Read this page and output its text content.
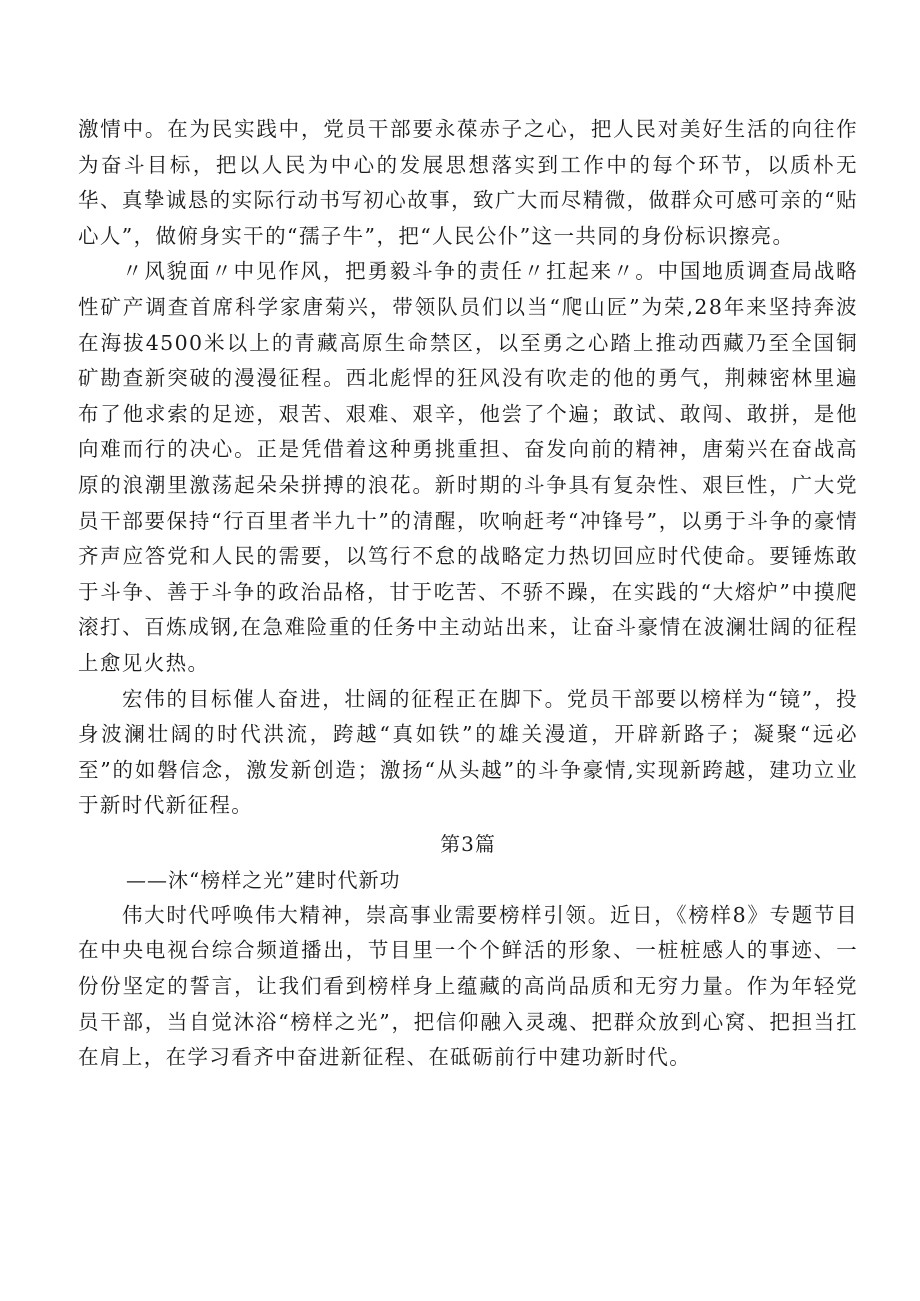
激情中。在为民实践中，党员干部要永葆赤子之心，把人民对美好生活的向往作为奋斗目标，把以人民为中心的发展思想落实到工作中的每个环节，以质朴无华、真挚诚恳的实际行动书写初心故事，致广大而尽精微，做群众可感可亲的“贴心人”，做俯身实干的“孺子牛”，把“人民公仆”这一共同的身份标识擦亮。

〃风貌面〃中见作风，把勇毅斗争的责任〃扛起来〃。中国地质调查局战略性矿产调查首席科学家唐菊兴，带领队员们以当“爬山匠”为荣,28年来坚持奔波在海拔4500米以上的青藏高原生命禁区，以至勇之心踏上推动西藏乃至全国铜矿勘查新突破的漫漫征程。西北彪悍的狂风没有吹走的他的勇气，荆棘密林里遍布了他求索的足迹，艰苦、艰难、艰辛，他尝了个遍；敢试、敢闯、敢拼，是他向难而行的决心。正是凭借着这种勇挑重担、奋发向前的精神，唐菊兴在奋战高原的浪潮里激荡起朵朵拼搏的浪花。新时期的斗争具有复杂性、艰巨性，广大党员干部要保持“行百里者半九十”的清醒，吹响赶考“冲锋号”，以勇于斗争的豪情齐声应答党和人民的需要，以笃行不怠的战略定力热切回应时代使命。要锤炼敢于斗争、善于斗争的政治品格，甘于吃苦、不骄不躁，在实践的“大熔炉”中摸爬滚打、百炼成钢,在急难险重的任务中主动站出来，让奋斗豪情在波澜壮阔的征程上愈见火热。

宏伟的目标催人奋进，壮阔的征程正在脚下。党员干部要以榜样为“镜”，投身波澜壮阔的时代洪流，跨越“真如铁”的雄关漫道，开辟新路子；凝聚“远必至”的如磐信念，激发新创造；激扬“从头越”的斗争豪情,实现新跨越，建功立业于新时代新征程。

第3篇

——沐“榜样之光”建时代新功

伟大时代呼唤伟大精神，崇高事业需要榜样引领。近日，《榜样8》专题节目在中央电视台综合频道播出，节目里一个个鲜活的形象、一桩桩感人的事迹、一份份坚定的誓言，让我们看到榜样身上蕴藏的高尚品质和无穷力量。作为年轻党员干部，当自觉沐浴“榜样之光”，把信仰融入灵魂、把群众放到心窝、把担当扛在肩上，在学习看齐中奋进新征程、在砥砺前行中建功新时代。
